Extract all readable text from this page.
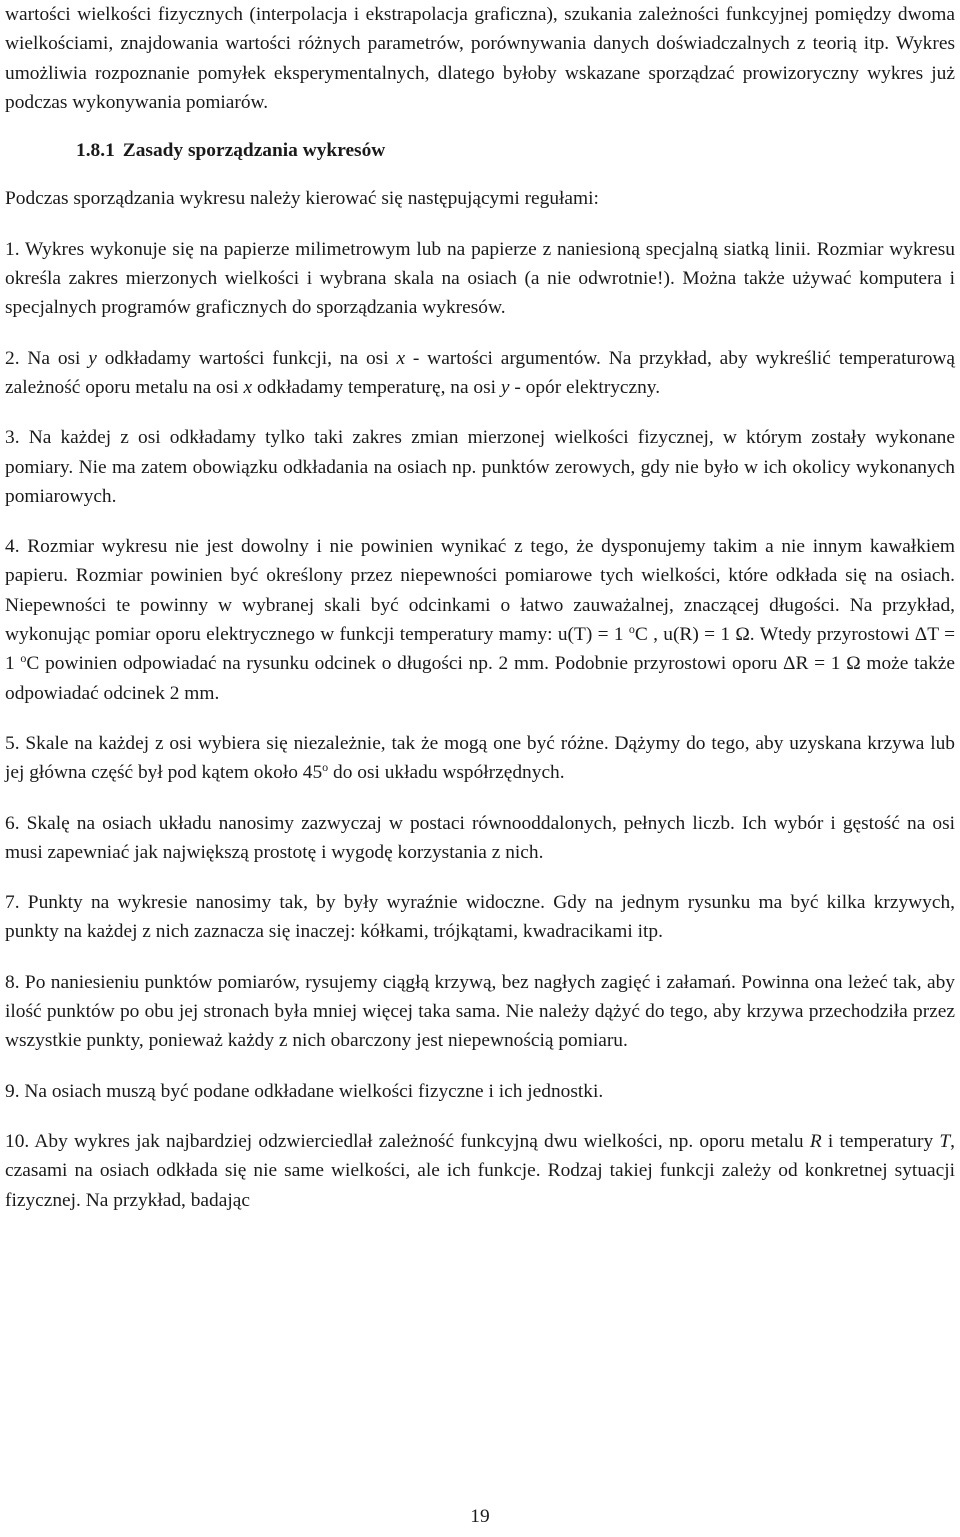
wartości wielkości fizycznych (interpolacja i ekstrapolacja graficzna), szukania zależności funkcyjnej pomiędzy dwoma wielkościami, znajdowania wartości różnych parametrów, porównywania danych doświadczalnych z teorią itp. Wykres umożliwia rozpoznanie pomyłek eksperymentalnych, dlatego byłoby wskazane sporządzać prowizoryczny wykres już podczas wykonywania pomiarów.

1.8.1 Zasady sporządzania wykresów

Podczas sporządzania wykresu należy kierować się następującymi regułami:

1. Wykres wykonuje się na papierze milimetrowym lub na papierze z naniesioną specjalną siatką linii. Rozmiar wykresu określa zakres mierzonych wielkości i wybrana skala na osiach (a nie odwrotnie!). Można także używać komputera i specjalnych programów graficznych do sporządzania wykresów.

2. Na osi y odkładamy wartości funkcji, na osi x - wartości argumentów. Na przykład, aby wykreślić temperaturową zależność oporu metalu na osi x odkładamy temperaturę, na osi y - opór elektryczny.

3. Na każdej z osi odkładamy tylko taki zakres zmian mierzonej wielkości fizycznej, w którym zostały wykonane pomiary. Nie ma zatem obowiązku odkładania na osiach np. punktów zerowych, gdy nie było w ich okolicy wykonanych pomiarowych.

4. Rozmiar wykresu nie jest dowolny i nie powinien wynikać z tego, że dysponujemy takim a nie innym kawałkiem papieru. Rozmiar powinien być określony przez niepewności pomiarowe tych wielkości, które odkłada się na osiach. Niepewności te powinny w wybranej skali być odcinkami o łatwo zauważalnej, znaczącej długości. Na przykład, wykonując pomiar oporu elektrycznego w funkcji temperatury mamy: u(T) = 1 $^o$C , u(R) = 1 Ω. Wtedy przyrostowi ΔT = 1 $^o$C powinien odpowiadać na rysunku odcinek o długości np. 2 mm. Podobnie przyrostowi oporu ΔR = 1 Ω może także odpowiadać odcinek 2 mm.

5. Skale na każdej z osi wybiera się niezależnie, tak że mogą one być różne. Dążymy do tego, aby uzyskana krzywa lub jej główna część był pod kątem około 45$^o$ do osi układu współrzędnych.

6. Skalę na osiach układu nanosimy zazwyczaj w postaci równooddalonych, pełnych liczb. Ich wybór i gęstość na osi musi zapewniać jak największą prostotę i wygodę korzystania z nich.

7. Punkty na wykresie nanosimy tak, by były wyraźnie widoczne. Gdy na jednym rysunku ma być kilka krzywych, punkty na każdej z nich zaznacza się inaczej: kółkami, trójkątami, kwadracikami itp.

8. Po naniesieniu punktów pomiarów, rysujemy ciągłą krzywą, bez nagłych zagięć i załamań. Powinna ona leżeć tak, aby ilość punktów po obu jej stronach była mniej więcej taka sama. Nie należy dążyć do tego, aby krzywa przechodziła przez wszystkie punkty, ponieważ każdy z nich obarczony jest niepewnością pomiaru.

9. Na osiach muszą być podane odkładane wielkości fizyczne i ich jednostki.

10. Aby wykres jak najbardziej odzwierciedlał zależność funkcyjną dwu wielkości, np. oporu metalu R i temperatury T, czasami na osiach odkłada się nie same wielkości, ale ich funkcje. Rodzaj takiej funkcji zależy od konkretnej sytuacji fizycznej. Na przykład, badając

19
